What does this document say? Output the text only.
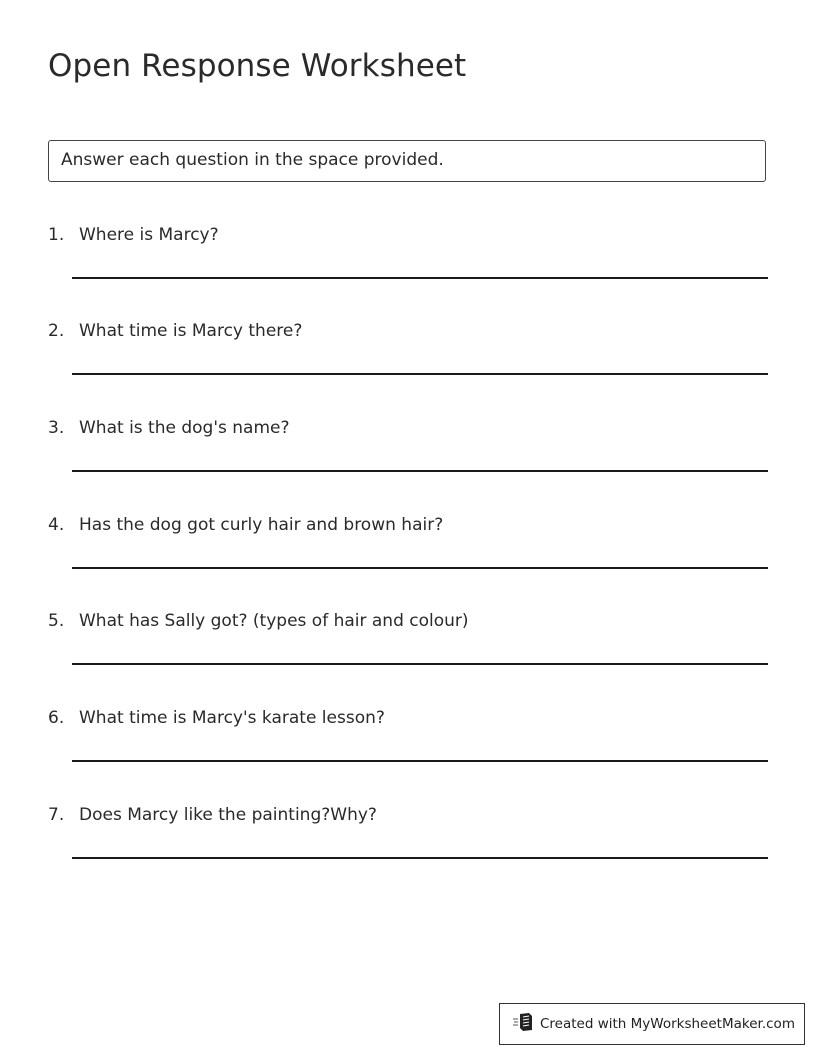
Open Response Worksheet
Answer each question in the space provided.
1. Where is Marcy?
2. What time is Marcy there?
3. What is the dog's name?
4. Has the dog got curly hair and brown hair?
5. What has Sally got? (types of hair and colour)
6. What time is Marcy's karate lesson?
7. Does Marcy like the painting?Why?
Created with MyWorksheetMaker.com
